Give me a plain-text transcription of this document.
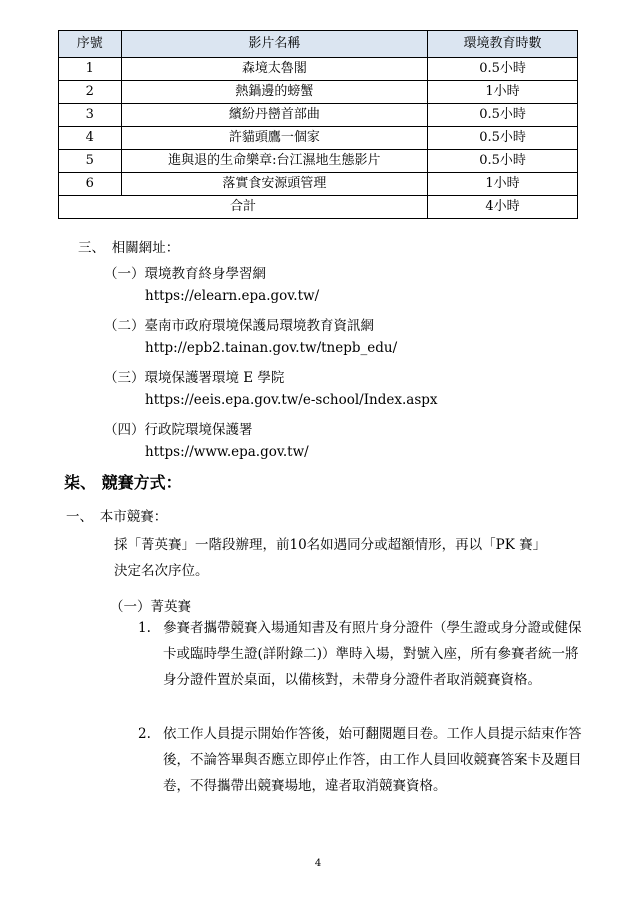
序號	影片名稱	環境教育時數
1	森境太魯閣	0.5小時
2	熱鍋邊的螃蟹	1小時
3	繽紛丹巒首部曲	0.5小時
4	許貓頭鷹一個家	0.5小時
5	進與退的生命樂章:台江濕地生態影片	0.5小時
6	落實食安源頭管理	1小時
合計		4小時
三、　相關網址：
（一）環境教育終身學習網
https://elearn.epa.gov.tw/
（二）臺南市政府環境保護局環境教育資訊網
http://epb2.tainan.gov.tw/tnepb_edu/
（三）環境保護署環境 E 學院
https://eeis.epa.gov.tw/e-school/Index.aspx
（四）行政院環境保護署
https://www.epa.gov.tw/
柒、 競賽方式：
一、　本市競賽：
採「菁英賽」一階段辦理，前10名如遇同分或超額情形，再以「PK 賽」
決定名次序位。
（一）菁英賽
1. 參賽者攜帶競賽入場通知書及有照片身分證件（學生證或身分證或健保卡或臨時學生證(詳附錄二)）準時入場，對號入座，所有參賽者統一將身分證件置於桌面，以備核對，未帶身分證件者取消競賽資格。
2. 依工作人員提示開始作答後，始可翻閱題目卷。工作人員提示結束作答後，不論答畢與否應立即停止作答，由工作人員回收競賽答案卡及題目卷，不得攜帶出競賽場地，違者取消競賽資格。
4
